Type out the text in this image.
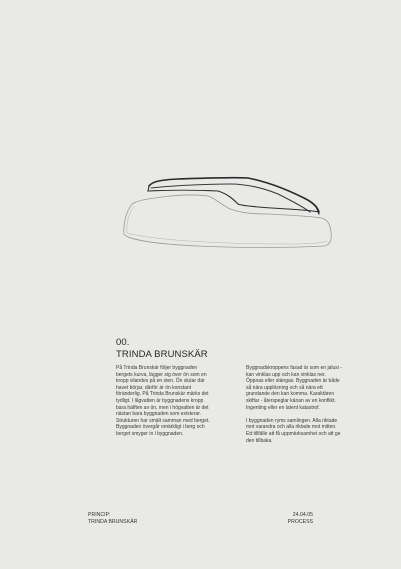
00.
TRINDA BRUNSKÄR

På Trinda Brunskär följer byggnaden bergets kurva, lägger sig över ön som en kropp vilandes på en sten. Ön slutar där havet börjar, därför är ön konstant föränderlig. På Trinda Brunskär märks det tydligt. I lågvatten är byggnadens kropp bara hälften av ön, men i högvatten är det nästan bara byggnaden som existerar. Strukturen har smält samman med berget. Byggnaden övergår omärkligt i berg och berget smyger in i byggnaden.

Byggnadskroppens fasad är som en jalusi - kan vinklas upp och kan vinklas ner. Öppnas eller stängas. Byggnaden är både så nära upplösning och så nära ett grundande den kan komma. Karaktären skiftar - återspeglar känan av en konflikt. Ingenting eller en latent katastrof.

I byggnaden ryms samlingen. Alla riktade mot varandra och alla riktade mot mitten. Ett tillfälle att få uppmärksamhet och att ge den tillbaka.

PRINCIP:
TRINDA BRUNSKÄR
24.04.05
PROCESS
